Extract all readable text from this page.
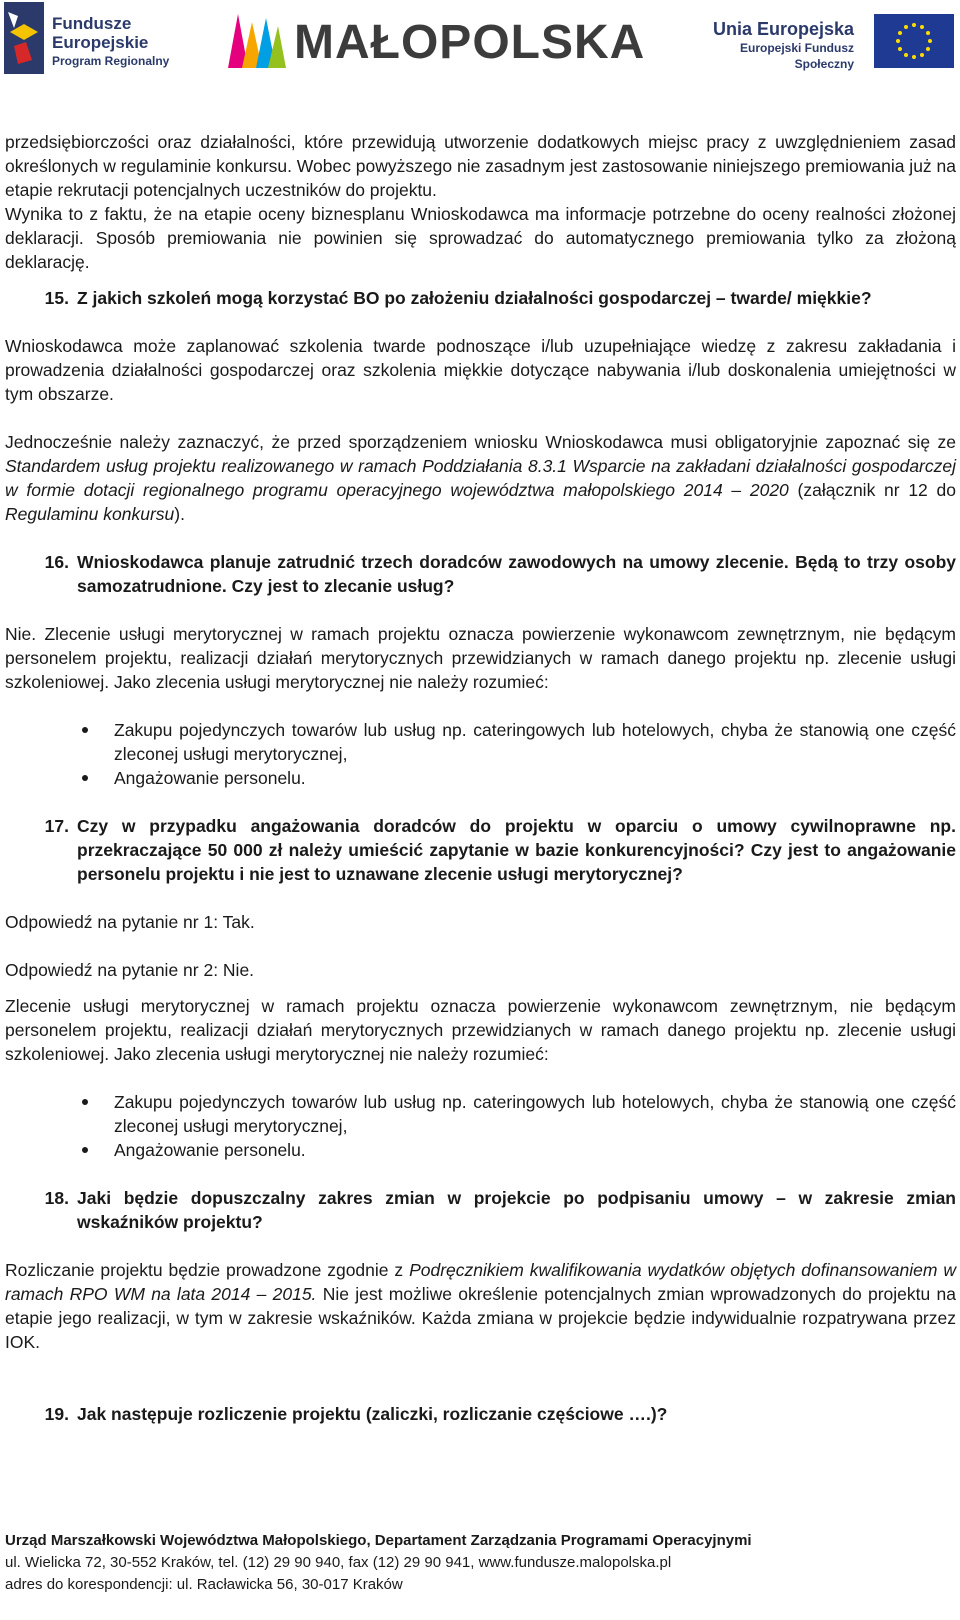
Fundusze
Europejskie
Program Regionalny	MAŁOPOLSKA	Unia Europejska
Europejski Fundusz Społeczny

przedsiębiorczości oraz działalności, które przewidują utworzenie dodatkowych miejsc pracy z uwzględnieniem zasad określonych w regulaminie konkursu. Wobec powyższego nie zasadnym jest zastosowanie niniejszego premiowania już na etapie rekrutacji potencjalnych uczestników do projektu.

Wynika to z faktu, że na etapie oceny biznesplanu Wnioskodawca ma informacje potrzebne do oceny realności złożonej deklaracji. Sposób premiowania nie powinien się sprowadzać do automatycznego premiowania tylko za złożoną deklarację.

15. Z jakich szkoleń mogą korzystać BO po założeniu działalności gospodarczej – twarde/ miękkie?

Wnioskodawca może zaplanować szkolenia twarde podnoszące i/lub uzupełniające wiedzę z zakresu zakładania i prowadzenia działalności gospodarczej oraz szkolenia miękkie dotyczące nabywania i/lub doskonalenia umiejętności w tym obszarze.

Jednocześnie należy zaznaczyć, że przed sporządzeniem wniosku Wnioskodawca musi obligatoryjnie zapoznać się ze Standardem usług projektu realizowanego w ramach Poddziałania 8.3.1 Wsparcie na zakładani działalności gospodarczej w formie dotacji regionalnego programu operacyjnego województwa małopolskiego 2014 – 2020 (załącznik nr 12 do Regulaminu konkursu).

16. Wnioskodawca planuje zatrudnić trzech doradców zawodowych na umowy zlecenie. Będą to trzy osoby samozatrudnione. Czy jest to zlecanie usług?

Nie. Zlecenie usługi merytorycznej w ramach projektu oznacza powierzenie wykonawcom zewnętrznym, nie będącym personelem projektu, realizacji działań merytorycznych przewidzianych w ramach danego projektu np. zlecenie usługi szkoleniowej. Jako zlecenia usługi merytorycznej nie należy rozumieć:

Zakupu pojedynczych towarów lub usług np. cateringowych lub hotelowych, chyba że stanowią one część zleconej usługi merytorycznej,
Angażowanie personelu.
17. Czy w przypadku angażowania doradców do projektu w oparciu o umowy cywilnoprawne np. przekraczające 50 000 zł należy umieścić zapytanie w bazie konkurencyjności? Czy jest to angażowanie personelu projektu i nie jest to uznawane zlecenie usługi merytorycznej?

Odpowiedź na pytanie nr 1: Tak.

Odpowiedź na pytanie nr 2: Nie.

Zlecenie usługi merytorycznej w ramach projektu oznacza powierzenie wykonawcom zewnętrznym, nie będącym personelem projektu, realizacji działań merytorycznych przewidzianych w ramach danego projektu np. zlecenie usługi szkoleniowej. Jako zlecenia usługi merytorycznej nie należy rozumieć:

Zakupu pojedynczych towarów lub usług np. cateringowych lub hotelowych, chyba że stanowią one część zleconej usługi merytorycznej,
Angażowanie personelu.
18. Jaki będzie dopuszczalny zakres zmian w projekcie po podpisaniu umowy – w zakresie zmian wskaźników projektu?

Rozliczanie projektu będzie prowadzone zgodnie z Podręcznikiem kwalifikowania wydatków objętych dofinansowaniem w ramach RPO WM na lata 2014 – 2015. Nie jest możliwe określenie potencjalnych zmian wprowadzonych do projektu na etapie jego realizacji, w tym w zakresie wskaźników. Każda zmiana w projekcie będzie indywidualnie rozpatrywana przez IOK.

19. Jak następuje rozliczenie projektu (zaliczki, rozliczanie częściowe ….)?
Urząd Marszałkowski Województwa Małopolskiego, Departament Zarządzania Programami Operacyjnymi
ul. Wielicka 72, 30-552 Kraków, tel. (12) 29 90 940, fax (12) 29 90 941, www.fundusze.malopolska.pl
adres do korespondencji: ul. Racławicka 56, 30-017 Kraków
